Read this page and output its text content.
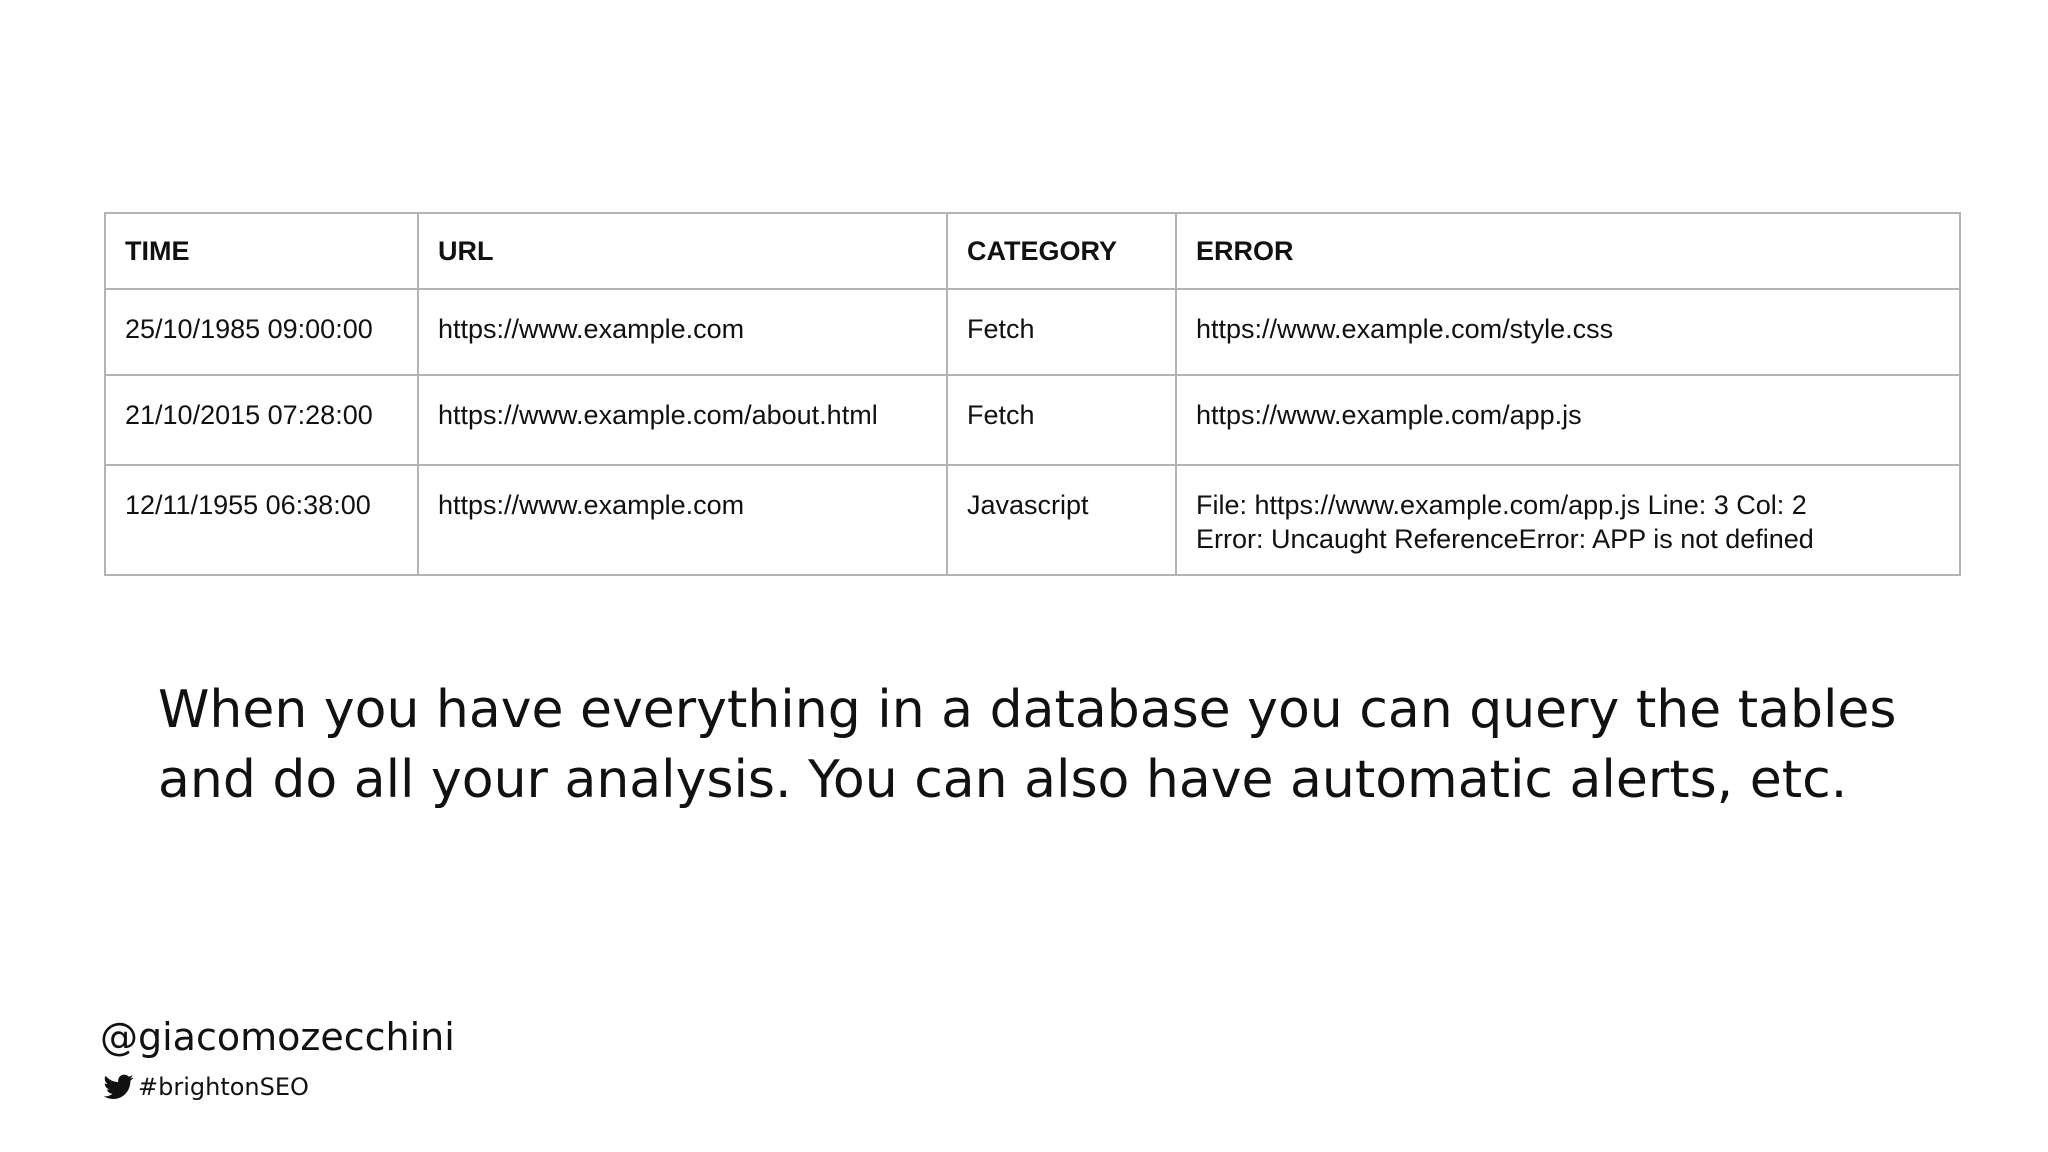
TIME	URL	CATEGORY	ERROR
25/10/1985 09:00:00	https://www.example.com	Fetch	https://www.example.com/style.css

21/10/2015 07:28:00	https://www.example.com/about.html	Fetch	https://www.example.com/app.js

12/11/1955 06:38:00	https://www.example.com	Javascript	File: https://www.example.com/app.js Line: 3 Col: 2
Error: Uncaught ReferenceError: APP is not defined

When you have everything in a database you can query the tables
and do all your analysis. You can also have automatic alerts, etc.

@giacomozecchini
#brightonSEO
